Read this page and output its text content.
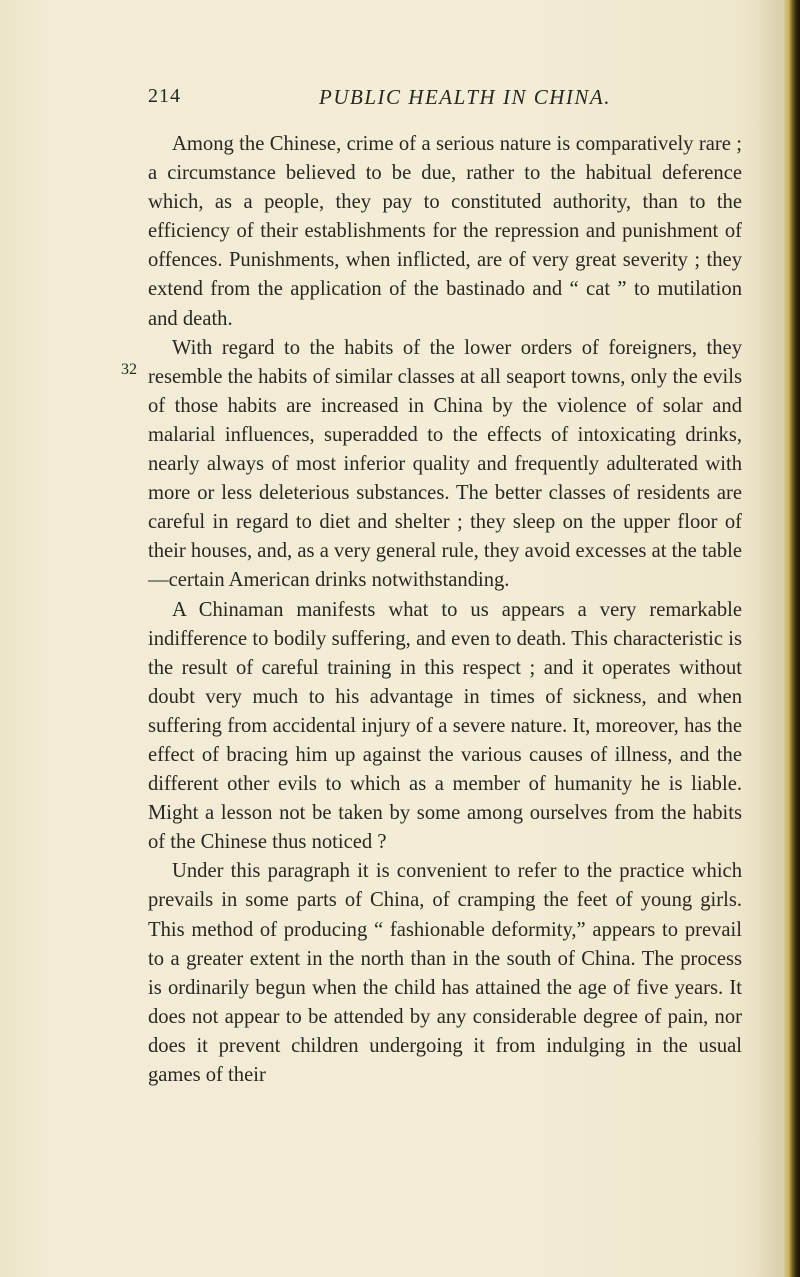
214	PUBLIC HEALTH IN CHINA.
32

Among the Chinese, crime of a serious nature is comparatively rare ; a circumstance believed to be due, rather to the habitual deference which, as a people, they pay to constituted authority, than to the efficiency of their establishments for the repression and punishment of offences. Punishments, when inflicted, are of very great severity ; they extend from the application of the bastinado and “ cat ” to mutilation and death.

With regard to the habits of the lower orders of foreigners, they resemble the habits of similar classes at all seaport towns, only the evils of those habits are increased in China by the violence of solar and malarial influences, superadded to the effects of intoxicating drinks, nearly always of most inferior quality and frequently adulterated with more or less deleterious substances. The better classes of residents are careful in regard to diet and shelter ; they sleep on the upper floor of their houses, and, as a very general rule, they avoid excesses at the table—certain American drinks notwithstanding.

A Chinaman manifests what to us appears a very remarkable indifference to bodily suffering, and even to death. This characteristic is the result of careful training in this respect ; and it operates without doubt very much to his advantage in times of sickness, and when suffering from accidental injury of a severe nature. It, moreover, has the effect of bracing him up against the various causes of illness, and the different other evils to which as a member of humanity he is liable. Might a lesson not be taken by some among ourselves from the habits of the Chinese thus noticed ?

Under this paragraph it is convenient to refer to the practice which prevails in some parts of China, of cramping the feet of young girls. This method of producing “ fashionable deformity,” appears to prevail to a greater extent in the north than in the south of China. The process is ordinarily begun when the child has attained the age of five years. It does not appear to be attended by any considerable degree of pain, nor does it prevent children undergoing it from indulging in the usual games of their
